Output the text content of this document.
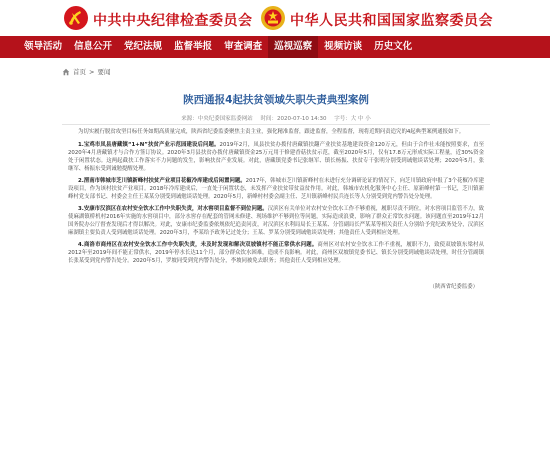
中共中央纪律检查委员会	中华人民共和国国家监察委员会
领导活动	信息公开	党纪法规	监督举报	审查调查	巡视巡察	视频访谈	历史文化
首页 > 要闻
陕西通报4起扶贫领域失职失责典型案例
来源：中央纪委国家监委网站 时间：2020-07-10 14:30 字号：大 中 小

为切实履行脱贫攻坚目标任务如期高质量完成，陕西省纪委监委聚焦主责主业，强化精准监督，跟进监督，全程监督，现将近期问责追究的4起典型案例通报如下。

1.宝鸡市凤县唐藏镇“1+N”扶贫产业示范园建设后问题。2019年2月，凤县扶贫办拨付唐藏镇扶翻产业扶贫基地建设资金120万元，但由于合作社未能按照要求，直至2020年4月唐藏镇才与合作方签订协议。2020年3月县扶贫办拨付唐藏镇资金25万元用于修建香菇扶贫示范，截至2020年5月，仅有17.8万元形成实际工程量，近30%资金处于闲置状态。这两起截扶工作落实不力问题的发生，影响扶贫产业发展。对此，唐藏镇党委书记张继军、镇长杨振、扶贫专干张明分别受到诫勉谈话处理；2020年5月，张继军、杨振东受到诫勉提醒处理。

2.渭南市韩城市芝川镇新峰村扶贫产业项目花椒冷库建成后闲置问题。2017年，韩城市芝川镇新峰村在未进行充分调研论证的情况下，向芝川镇政府申报了3个花椒冷库建设项目，作为该村扶贫产业项目。2018年冷库建成后，一直处于闲置状态，未发挥产业扶贫带贫益贫作用。对此，韩城市农机化服务中心主任、原新峰村第一书记，芝川镇新峰村党支部书记、村委会主任王某某分别受到诫勉谈话处理。2020年5月，新峰村村委会副主任、芝川镇新峰村民兵连长等人分别受到党内警告处分处理。

3.安康市汉滨区在农村安全饮水工作中失职失责，对水窖项目监督不到位问题。汉滨区有关单位对农村安全饮水工作不够重视，履职尽责不到位，对水窖项目监管不力，致使麻湖镇桥机村2016年实施的水窖项目中，部分水窖存在配套的管网未修建、现场维护不够到位等问题，实际造成浪费，影响了群众正常饮水问题。该问题直至2019年12月国务院办公厅督查发现后才得以解决。对此，安康市纪委监委依规依纪追责问责，对汉滨区水利局局长王某某、分管副局长严某某等相关责任人分别给予党纪政务处分，汉滨区麻湖镇主要负责人受到诫勉谈话处理。2020年3月，李某给予政务记过处分；王某、罗某分别受到诫勉谈话处理；其他责任人受到相应处理。

4.商洛市商州区在农村安全饮水工作中失职失责，未及时发现和解决双坡镇村不能正常供水问题。商州区对农村安全饮水工作不重视，履职不力，致使双坡镇东梁村从2012年至2019年间不能正常供水，2019年停水长达11个月，部分群众饮水困难，造成不良影响。对此，商州区双坡镇党委书记、镇长分别受到诫勉谈话处理，时任分管副镇长张某受到党内警告处分。2020年5月，罗坡同受到党内警告处分，李坡同被免去职务；其他责任人受到相应处理。

（陕西省纪委监委）
